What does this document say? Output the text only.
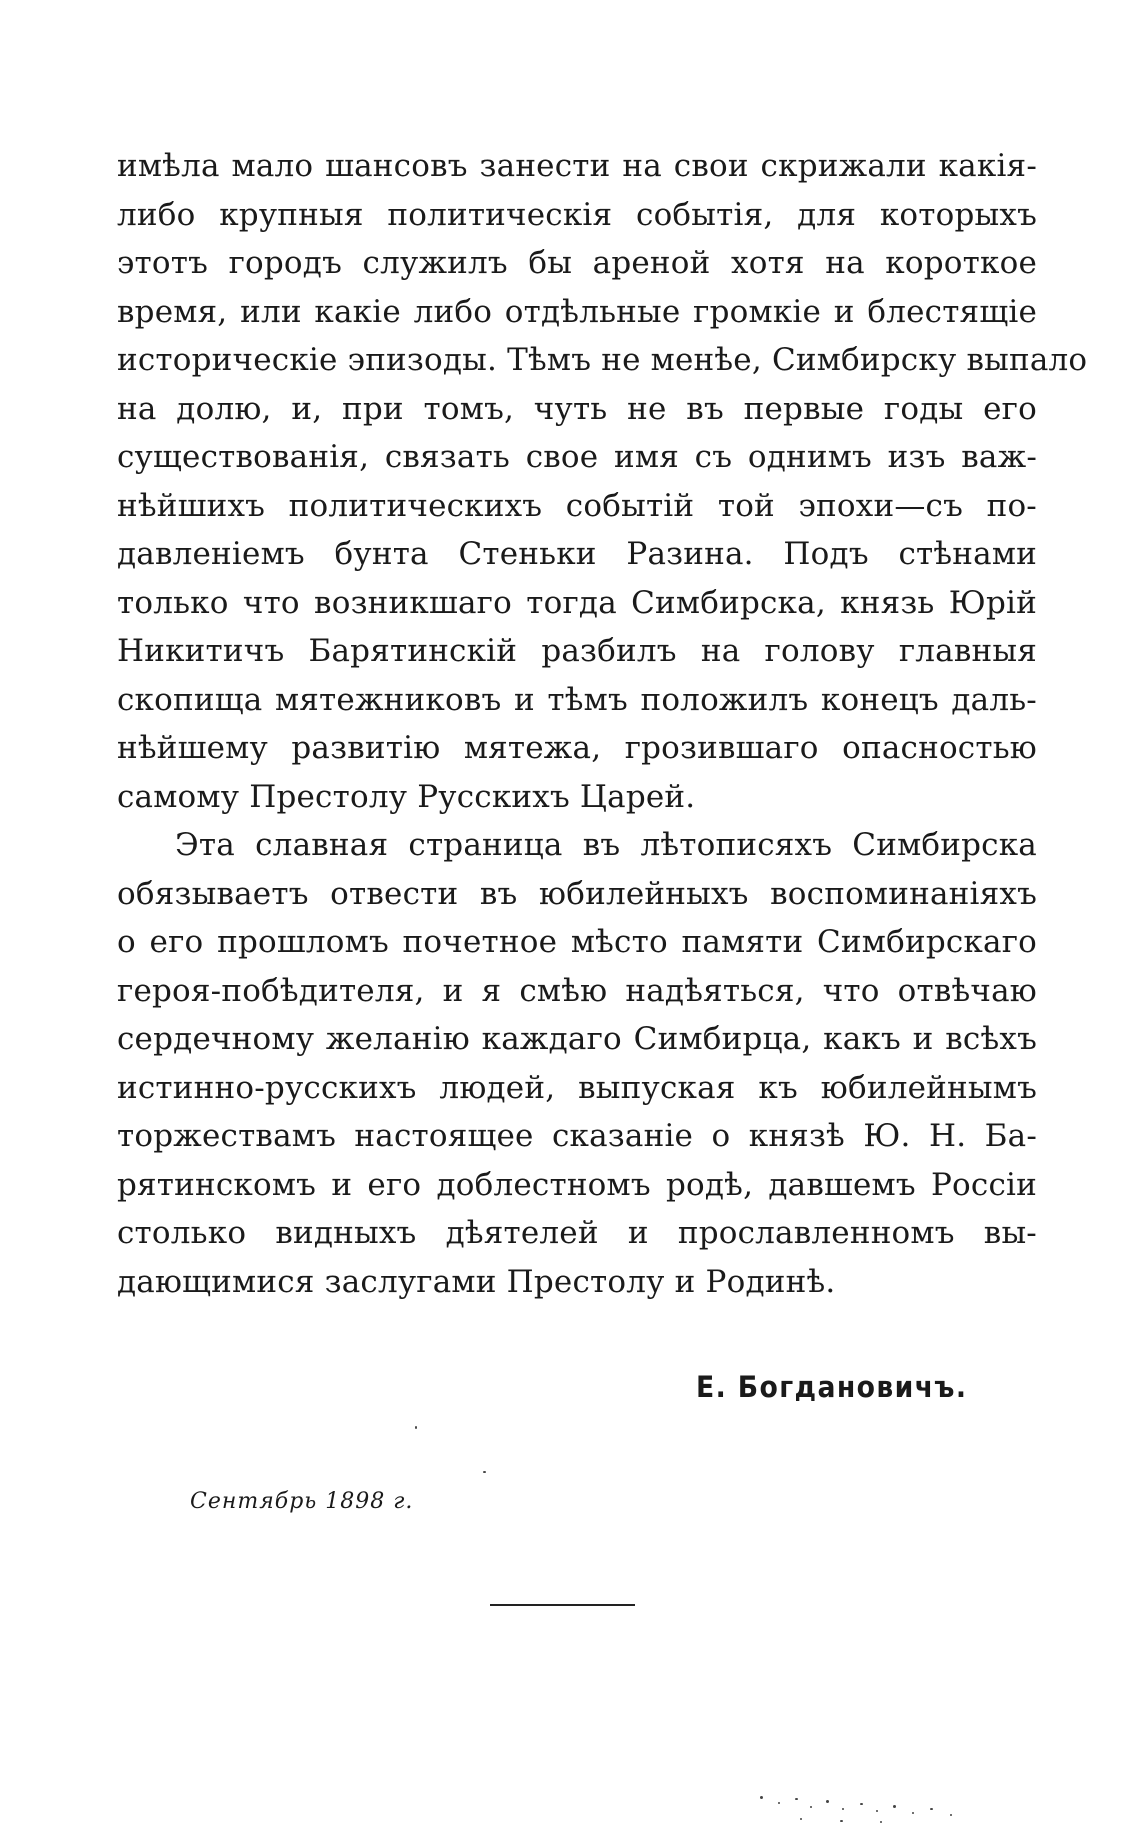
имѣла мало шансовъ занести на свои скрижали какія-
либо крупныя политическія событія, для которыхъ
этотъ городъ служилъ бы ареной хотя на короткое
время, или какіе либо отдѣльные громкіе и блестящіе
историческіе эпизоды. Тѣмъ не менѣе, Симбирску выпало
на долю, и, при томъ, чуть не въ первые годы его
существованія, связать свое имя съ однимъ изъ важ-
нѣйшихъ политическихъ событій той эпохи—съ по-
давленіемъ бунта Стеньки Разина. Подъ стѣнами
только что возникшаго тогда Симбирска, князь Юрій
Никитичъ Барятинскій разбилъ на голову главныя
скопища мятежниковъ и тѣмъ положилъ конецъ даль-
нѣйшему развитію мятежа, грозившаго опасностью
самому Престолу Русскихъ Царей.
Эта славная страница въ лѣтописяхъ Симбирска
обязываетъ отвести въ юбилейныхъ воспоминаніяхъ
о его прошломъ почетное мѣсто памяти Симбирскаго
героя-побѣдителя, и я смѣю надѣяться, что отвѣчаю
сердечному желанію каждаго Симбирца, какъ и всѣхъ
истинно-русскихъ людей, выпуская къ юбилейнымъ
торжествамъ настоящее сказаніе о князѣ Ю. Н. Ба-
рятинскомъ и его доблестномъ родѣ, давшемъ Россіи
столько видныхъ дѣятелей и прославленномъ вы-
дающимися заслугами Престолу и Родинѣ.
Е. Богдановичъ.
Сентябрь 1898 г.
